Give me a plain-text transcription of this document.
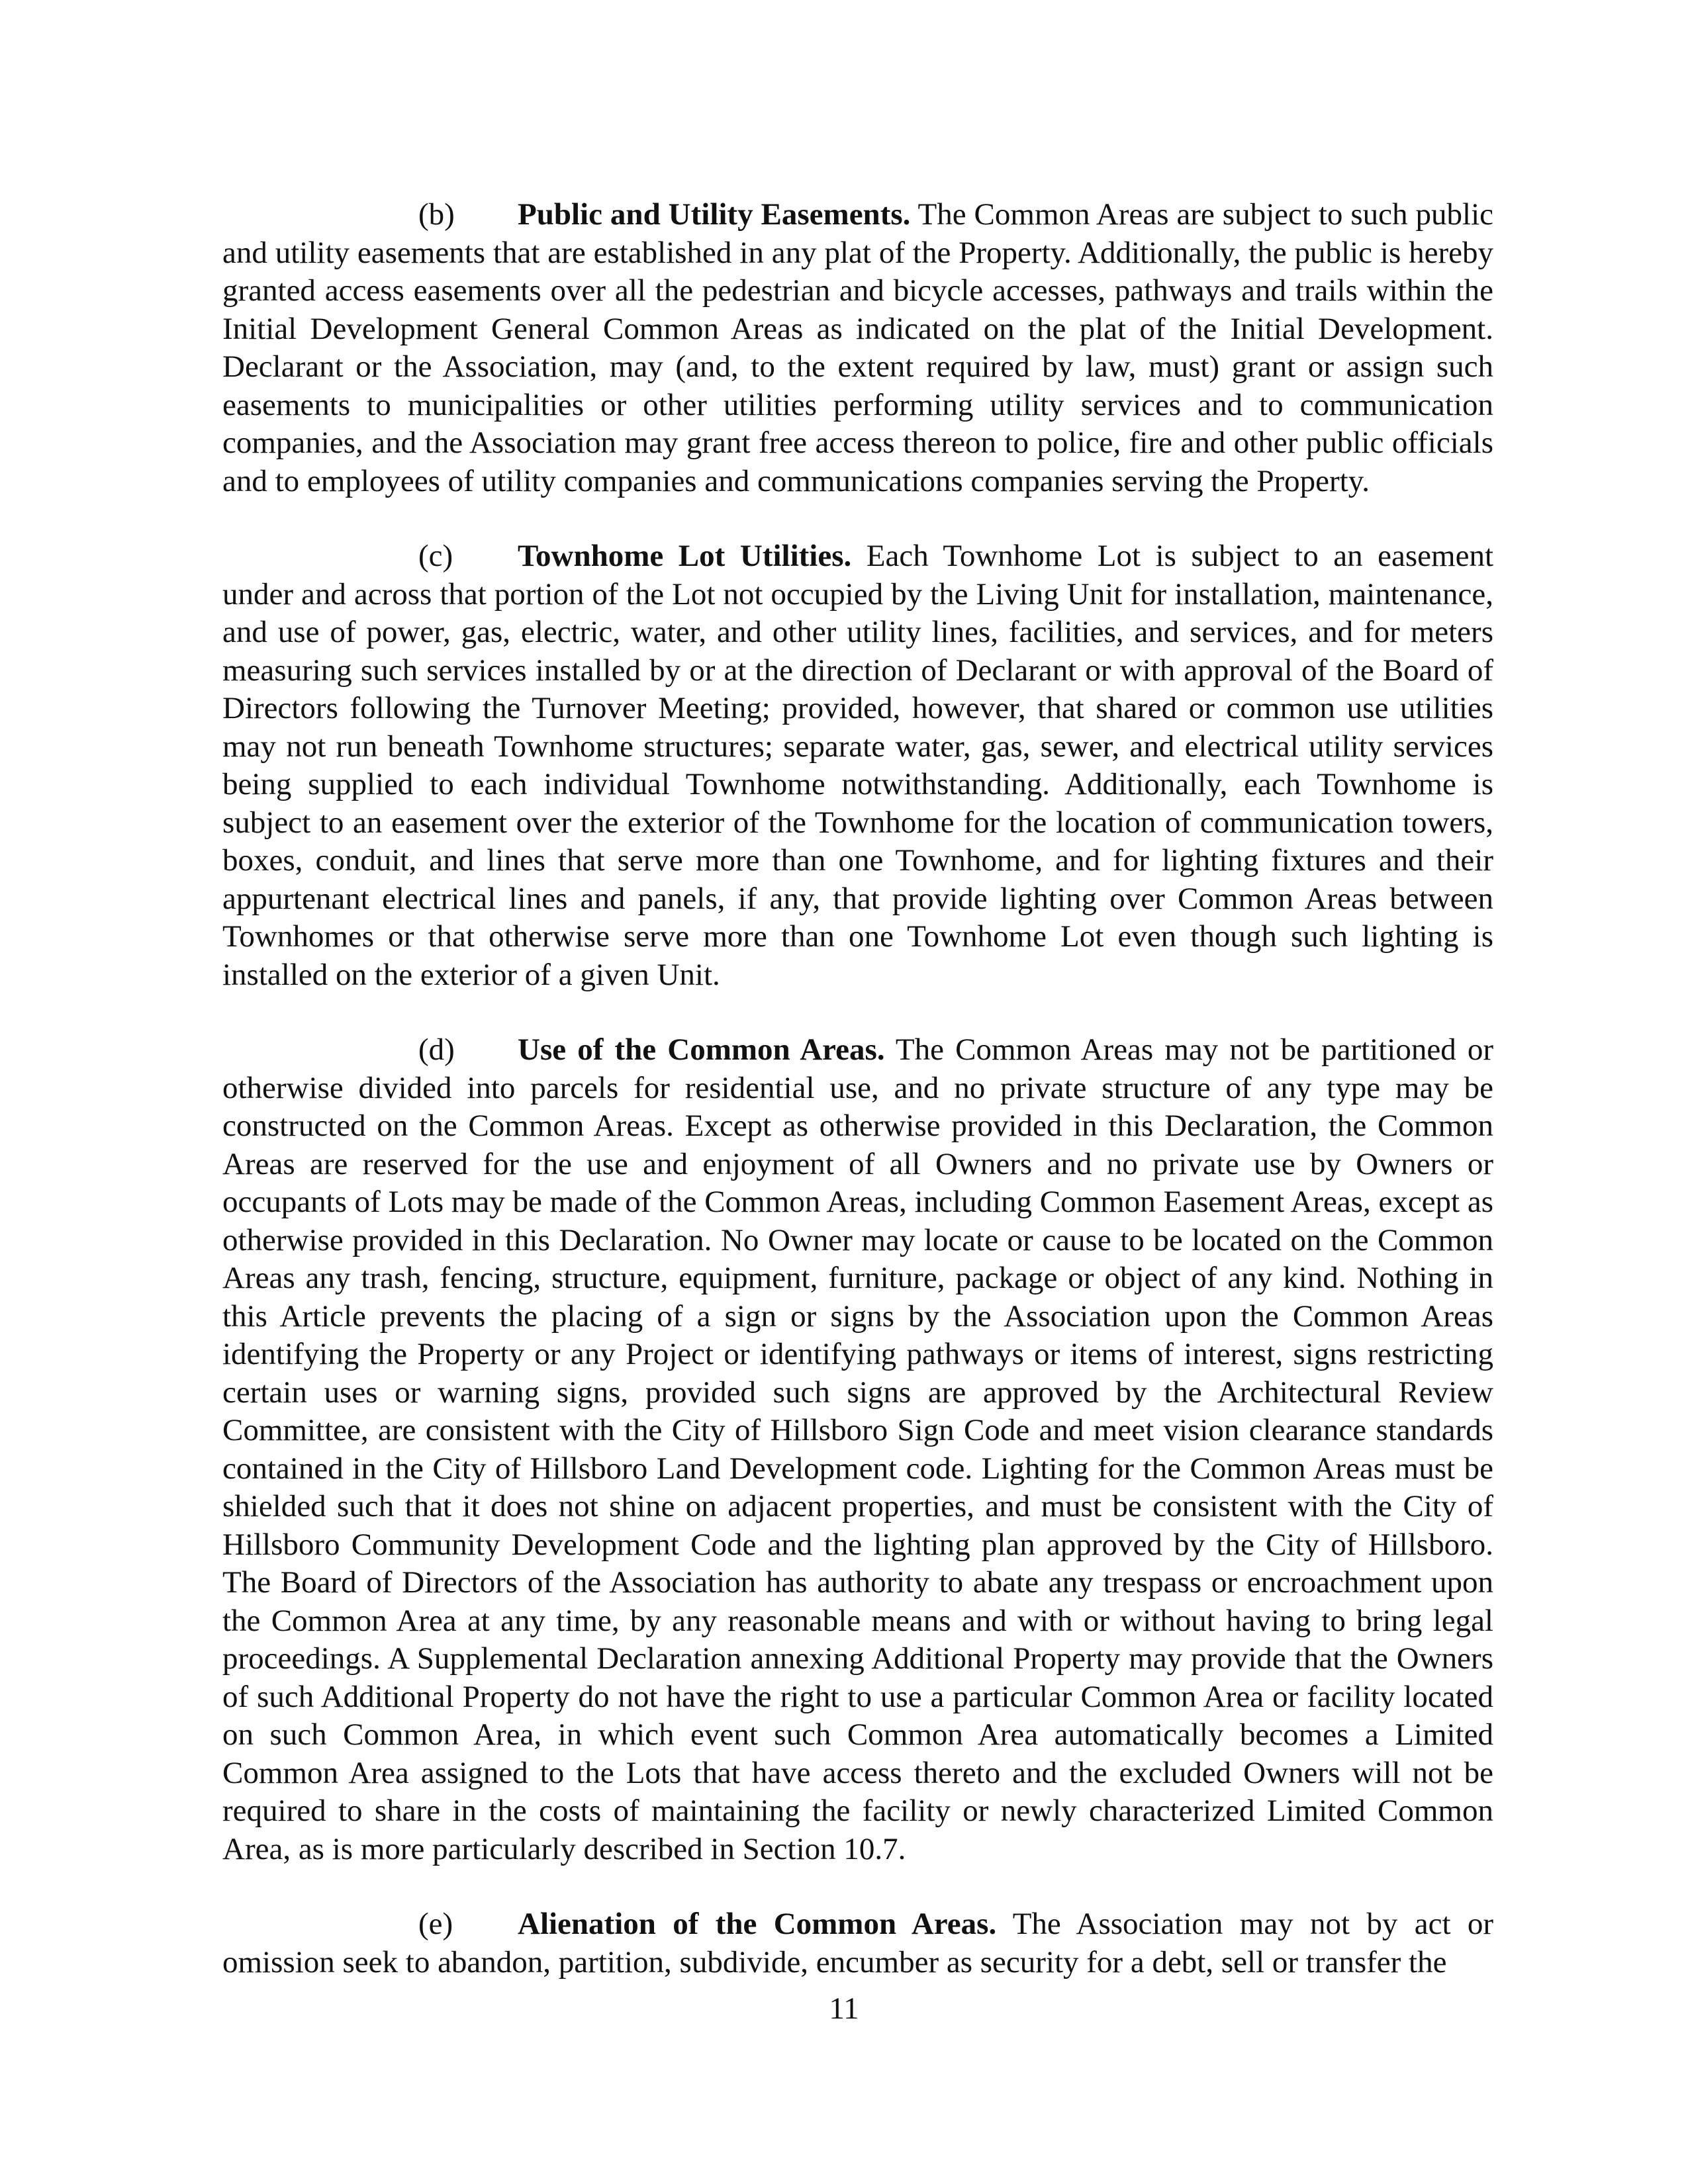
(b) Public and Utility Easements. The Common Areas are subject to such public and utility easements that are established in any plat of the Property. Additionally, the public is hereby granted access easements over all the pedestrian and bicycle accesses, pathways and trails within the Initial Development General Common Areas as indicated on the plat of the Initial Development. Declarant or the Association, may (and, to the extent required by law, must) grant or assign such easements to municipalities or other utilities performing utility services and to communication companies, and the Association may grant free access thereon to police, fire and other public officials and to employees of utility companies and communications companies serving the Property.

(c) Townhome Lot Utilities. Each Townhome Lot is subject to an easement under and across that portion of the Lot not occupied by the Living Unit for installation, maintenance, and use of power, gas, electric, water, and other utility lines, facilities, and services, and for meters measuring such services installed by or at the direction of Declarant or with approval of the Board of Directors following the Turnover Meeting; provided, however, that shared or common use utilities may not run beneath Townhome structures; separate water, gas, sewer, and electrical utility services being supplied to each individual Townhome notwithstanding. Additionally, each Townhome is subject to an easement over the exterior of the Townhome for the location of communication towers, boxes, conduit, and lines that serve more than one Townhome, and for lighting fixtures and their appurtenant electrical lines and panels, if any, that provide lighting over Common Areas between Townhomes or that otherwise serve more than one Townhome Lot even though such lighting is installed on the exterior of a given Unit.

(d) Use of the Common Areas. The Common Areas may not be partitioned or otherwise divided into parcels for residential use, and no private structure of any type may be constructed on the Common Areas. Except as otherwise provided in this Declaration, the Common Areas are reserved for the use and enjoyment of all Owners and no private use by Owners or occupants of Lots may be made of the Common Areas, including Common Easement Areas, except as otherwise provided in this Declaration. No Owner may locate or cause to be located on the Common Areas any trash, fencing, structure, equipment, furniture, package or object of any kind. Nothing in this Article prevents the placing of a sign or signs by the Association upon the Common Areas identifying the Property or any Project or identifying pathways or items of interest, signs restricting certain uses or warning signs, provided such signs are approved by the Architectural Review Committee, are consistent with the City of Hillsboro Sign Code and meet vision clearance standards contained in the City of Hillsboro Land Development code. Lighting for the Common Areas must be shielded such that it does not shine on adjacent properties, and must be consistent with the City of Hillsboro Community Development Code and the lighting plan approved by the City of Hillsboro. The Board of Directors of the Association has authority to abate any trespass or encroachment upon the Common Area at any time, by any reasonable means and with or without having to bring legal proceedings. A Supplemental Declaration annexing Additional Property may provide that the Owners of such Additional Property do not have the right to use a particular Common Area or facility located on such Common Area, in which event such Common Area automatically becomes a Limited Common Area assigned to the Lots that have access thereto and the excluded Owners will not be required to share in the costs of maintaining the facility or newly characterized Limited Common Area, as is more particularly described in Section 10.7.

(e) Alienation of the Common Areas. The Association may not by act or omission seek to abandon, partition, subdivide, encumber as security for a debt, sell or transfer the

11
